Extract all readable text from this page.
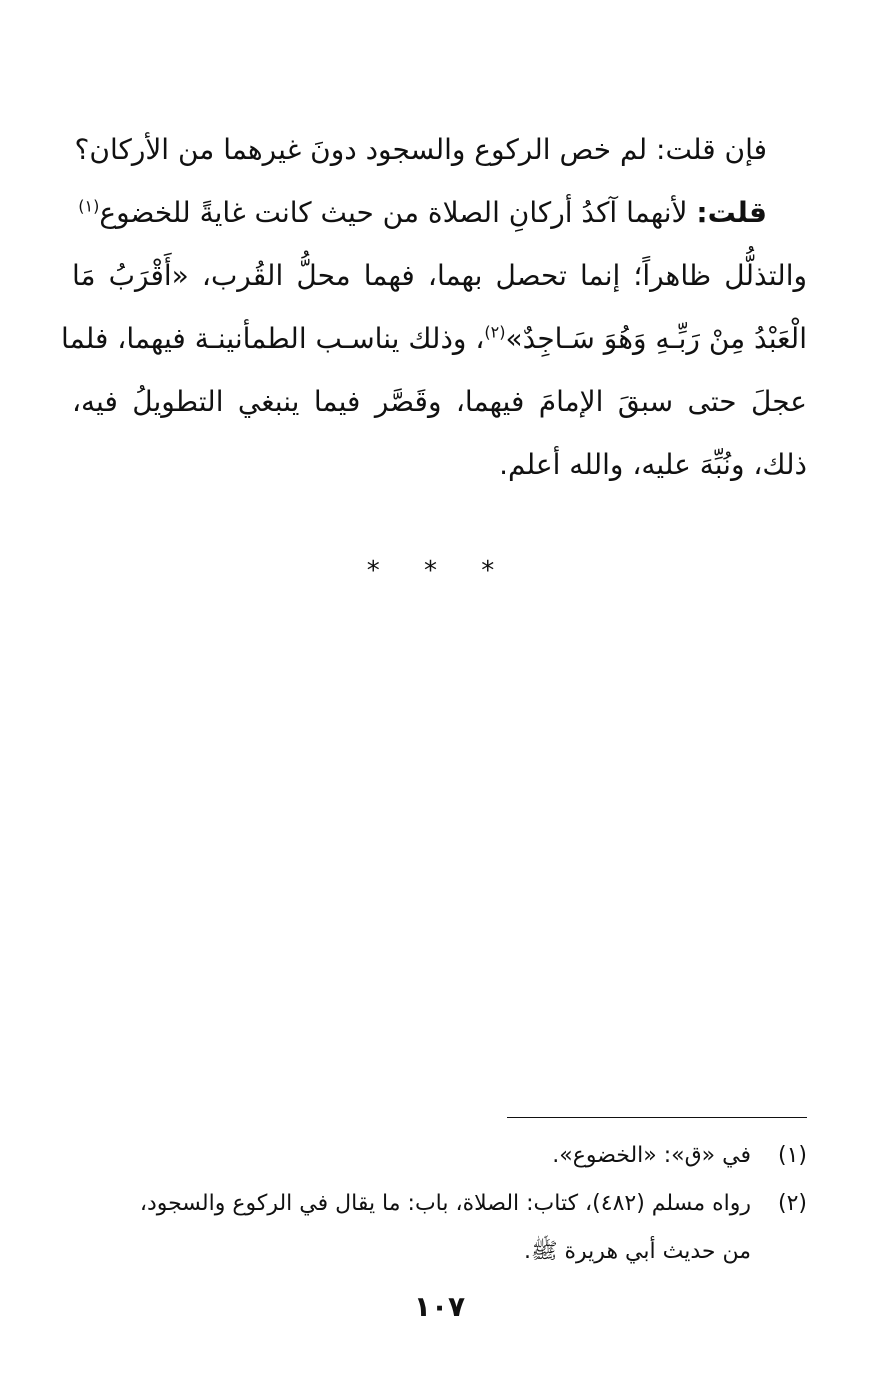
فإن قلت: لم خص الركوع والسجود دونَ غيرهما من الأركان؟
قلت: لأنهما آكدُ أركانِ الصلاة من حيث كانت غايةً للخضوع$^{(١)}$
والتذلُّل ظاهراً؛ إنما تحصل بهما، فهما محلُّ القُرب، «أَقْرَبُ مَا
الْعَبْدُ مِنْ رَبِّـهِ وَهُوَ سَـاجِدٌ»$^{(٢)}$، وذلك يناسـب الطمأنينـة فيهما، فلما
عجلَ حتى سبقَ الإمامَ فيهما، وقَصَّر فيما ينبغي التطويلُ فيه،
ذلك، ونُبِّهَ عليه، والله أعلم.
* * *
(١)في «ق»: «الخضوع».
(٢)رواه مسلم (٤٨٢)، كتاب: الصلاة، باب: ما يقال في الركوع والسجود،
من حديث أبي هريرة ﷺ.
١٠٧
